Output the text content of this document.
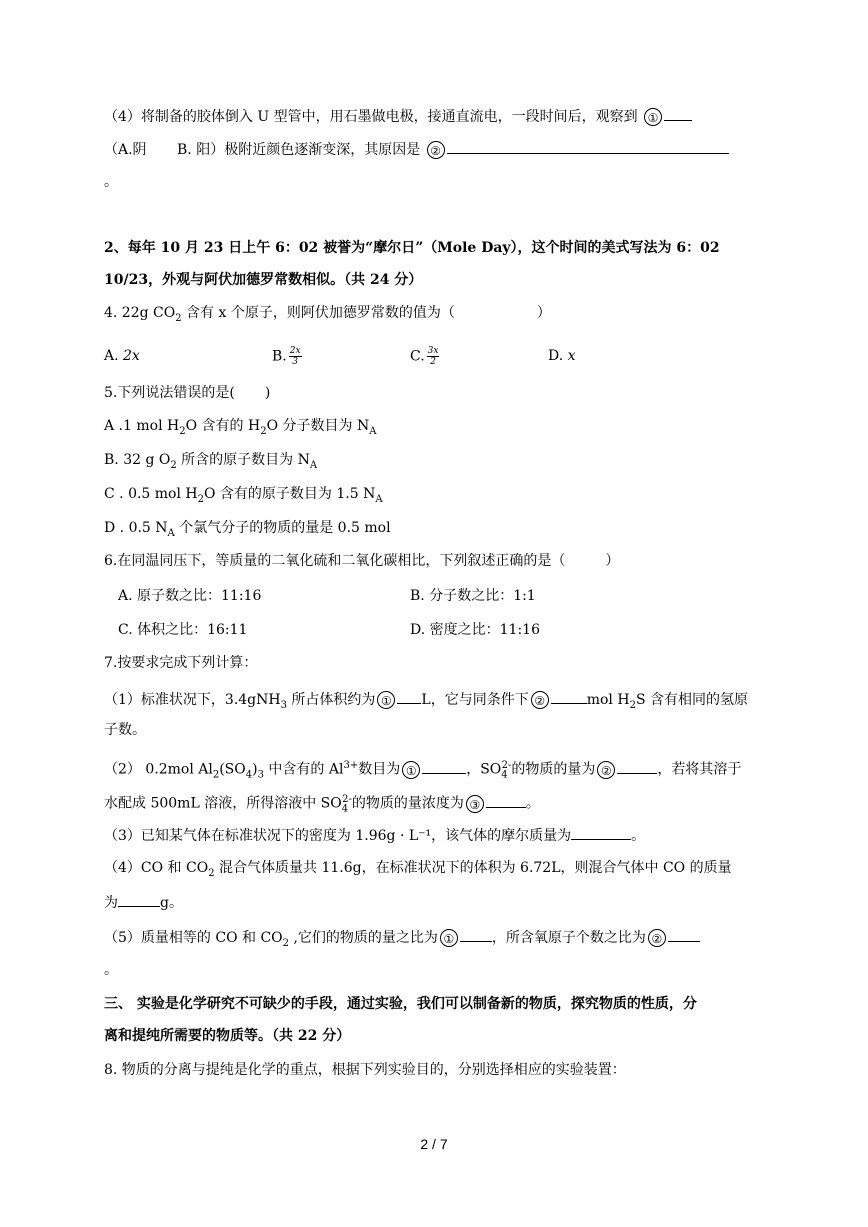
（4）将制备的胶体倒入 U 型管中，用石墨做电极，接通直流电，一段时间后，观察到 ①
（A.阴 B. 阳）极附近颜色逐渐变深，其原因是 ②
。
2、每年 10 月 23 日上午 6：02 被誉为“摩尔日”（Mole Day），这个时间的美式写法为 6：02
10/23，外观与阿伏加德罗常数相似。（共 24 分）
4. 22g $CO_2$ 含有 x 个原子，则阿伏加德罗常数的值为（	）
A. 2x	B. $\frac{2x}{3}$	C. $\frac{3x}{2}$	D. x
5.下列说法错误的是( )
A .1 mol $H_2O$ 含有的 $H_2O$ 分子数目为 $N_A$
B. 32 g $O_2$ 所含的原子数目为 $N_A$
C . 0.5 mol $H_2O$ 含有的原子数目为 1.5 $N_A$
D . 0.5 $N_A$ 个氯气分子的物质的量是 0.5 mol
6.在同温同压下，等质量的二氧化硫和二氧化碳相比，下列叙述正确的是（	）
A. 原子数之比：11:16	B. 分子数之比：1:1
C. 体积之比：16:11	D. 密度之比：11:16
7.按要求完成下列计算：
（1）标准状况下，3.4gNH$_3$ 所占体积约为 ① L，它与同条件下 ②	mol $H_2S$ 含有相同的氢原
子数。
（2） 0.2mol $Al_2(SO_4)_3$ 中含有的 $Al^{3+}$数目为 ①	，$SO_4^{2-}$的物质的量为 ②	，若将其溶于
水配成 500mL 溶液，所得溶液中 $SO_4^{2-}$的物质的量浓度为 ③	。
（3）已知某气体在标准状况下的密度为 1.96g · L⁻¹，该气体的摩尔质量为	。
（4）CO 和 $CO_2$ 混合气体质量共 11.6g，在标准状况下的体积为 6.72L，则混合气体中 CO 的质量
为	g。
（5）质量相等的 CO 和 $CO_2$ ,它们的物质的量之比为 ①	，所含氧原子个数之比为 ②
。
三、 实验是化学研究不可缺少的手段，通过实验，我们可以制备新的物质，探究物质的性质，分
离和提纯所需要的物质等。（共 22 分）
8. 物质的分离与提纯是化学的重点，根据下列实验目的，分别选择相应的实验装置：
2 / 7
